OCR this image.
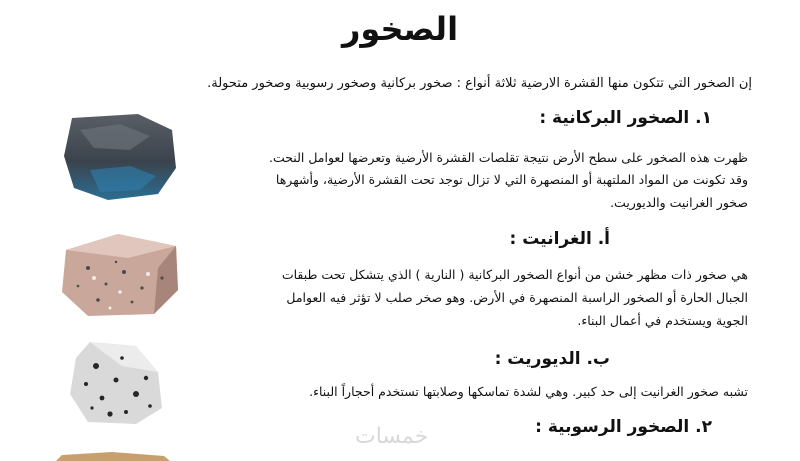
الصخور

إن الصخور التي تتكون منها القشرة الارضية ثلاثة أنواع : صخور بركانية وصخور رسوبية وصخور متحولة.

١. الصخور البركانية :

ظهرت هذه الصخور على سطح الأرض نتيجة تقلصات القشرة الأرضية وتعرضها لعوامل النحت.

وقد تكونت من المواد الملتهبة أو المنصهرة التي لا تزال توجد تحت القشرة الأرضية، وأشهرها

صخور الغرانيت والديوريت.

أ. الغرانيت :

هي صخور ذات مظهر خشن من أنواع الصخور البركانية ( النارية ) الذي يتشكل تحت طبقات

الجبال الحارة أو الصخور الراسبة المنصهرة في الأرض. وهو صخر صلب لا تؤثر فيه العوامل

الجوية ويستخدم في أعمال البناء.

ب. الديوريت :

تشبه صخور الغرانيت إلى حد كبير. وهي لشدة تماسكها وصلابتها تستخدم أحجاراً البناء.

٢. الصخور الرسوبية :
خمسات
